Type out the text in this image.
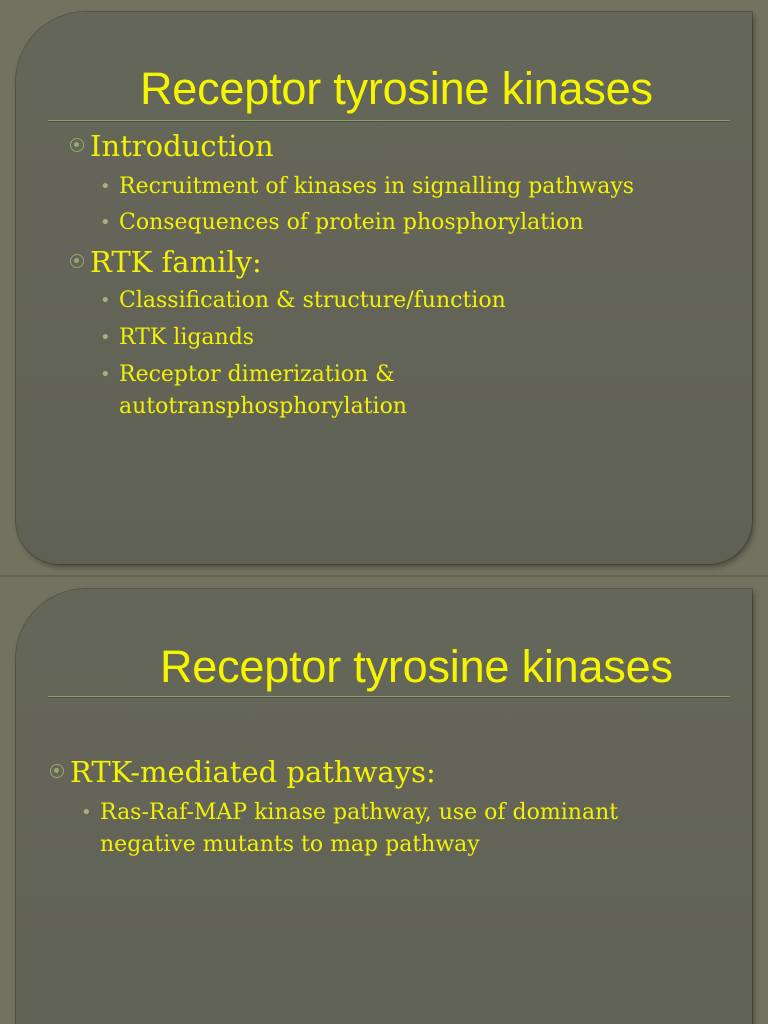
Receptor tyrosine kinases
Introduction
• Recruitment of kinases in signalling pathways
• Consequences of protein phosphorylation
RTK family:
• Classification & structure/function
• RTK ligands
• Receptor dimerization &
autotransphosphorylation
Receptor tyrosine kinases
RTK-mediated pathways:
• Ras-Raf-MAP kinase pathway, use of dominant
negative mutants to map pathway
